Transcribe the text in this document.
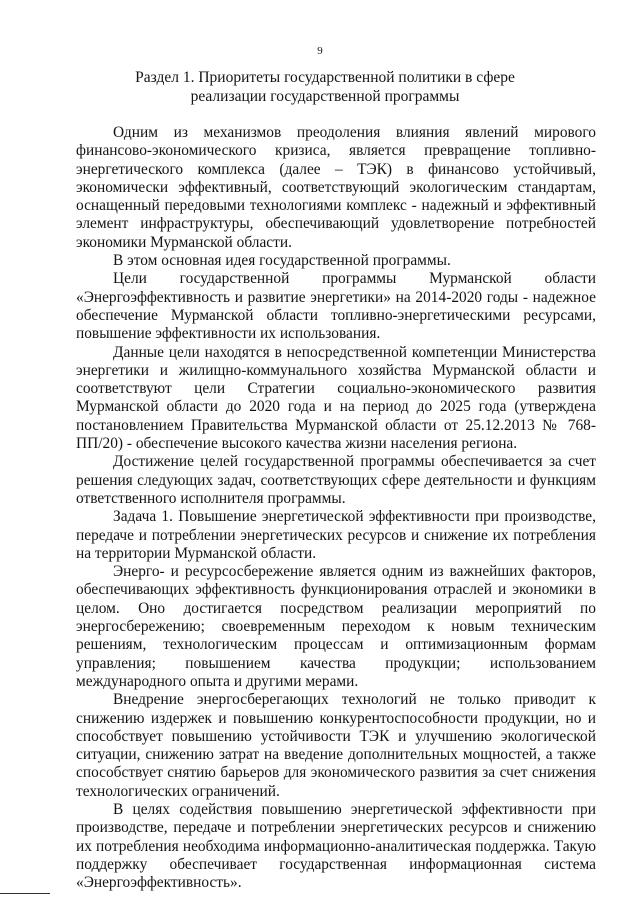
9
Раздел 1. Приоритеты государственной политики в сфере
реализации государственной программы

Одним из механизмов преодоления влияния явлений мирового финансово-экономического кризиса, является превращение топливно-энергетического комплекса (далее – ТЭК) в финансово устойчивый, экономически эффективный, соответствующий экологическим стандартам, оснащенный передовыми технологиями комплекс - надежный и эффективный элемент инфраструктуры, обеспечивающий удовлетворение потребностей экономики Мурманской области.

В этом основная идея государственной программы.

Цели государственной программы Мурманской области «Энергоэффективность и развитие энергетики» на 2014-2020 годы - надежное обеспечение Мурманской области топливно-энергетическими ресурсами, повышение эффективности их использования.

Данные цели находятся в непосредственной компетенции Министерства энергетики и жилищно-коммунального хозяйства Мурманской области и соответствуют цели Стратегии социально-экономического развития Мурманской области до 2020 года и на период до 2025 года (утверждена постановлением Правительства Мурманской области от 25.12.2013 № 768-ПП/20) - обеспечение высокого качества жизни населения региона.

Достижение целей государственной программы обеспечивается за счет решения следующих задач, соответствующих сфере деятельности и функциям ответственного исполнителя программы.

Задача 1. Повышение энергетической эффективности при производстве, передаче и потреблении энергетических ресурсов и снижение их потребления на территории Мурманской области.

Энерго- и ресурсосбережение является одним из важнейших факторов, обеспечивающих эффективность функционирования отраслей и экономики в целом. Оно достигается посредством реализации мероприятий по энергосбережению; своевременным переходом к новым техническим решениям, технологическим процессам и оптимизационным формам управления; повышением качества продукции; использованием международного опыта и другими мерами.

Внедрение энергосберегающих технологий не только приводит к снижению издержек и повышению конкурентоспособности продукции, но и способствует повышению устойчивости ТЭК и улучшению экологической ситуации, снижению затрат на введение дополнительных мощностей, а также способствует снятию барьеров для экономического развития за счет снижения технологических ограничений.

В целях содействия повышению энергетической эффективности при производстве, передаче и потреблении энергетических ресурсов и снижению их потребления необходима информационно-аналитическая поддержка. Такую поддержку обеспечивает государственная информационная система «Энергоэффективность».
